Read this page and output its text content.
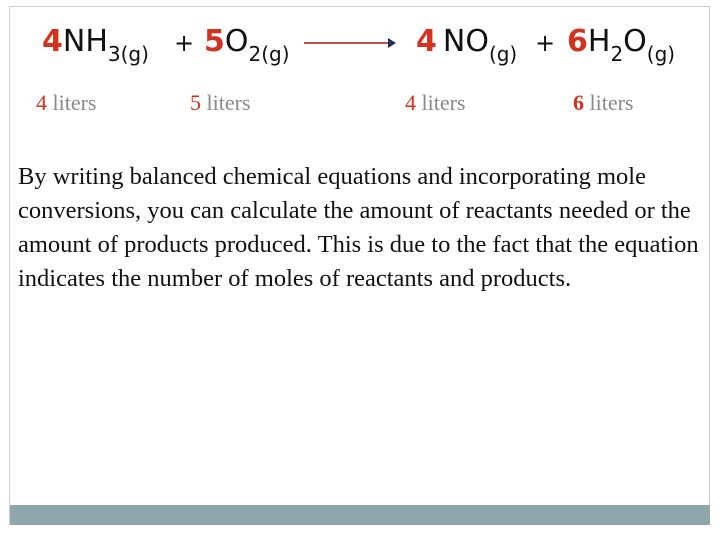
$4NH_{3(g)} + 5O_{2(g)}$	4 $NO_{(g)} + 6H_2O_{(g)}$
4 liters	5 liters	4 liters	6 liters
By writing balanced chemical equations and incorporating mole conversions, you can calculate the amount of reactants needed or the amount of products produced. This is due to the fact that the equation indicates the number of moles of reactants and products.
